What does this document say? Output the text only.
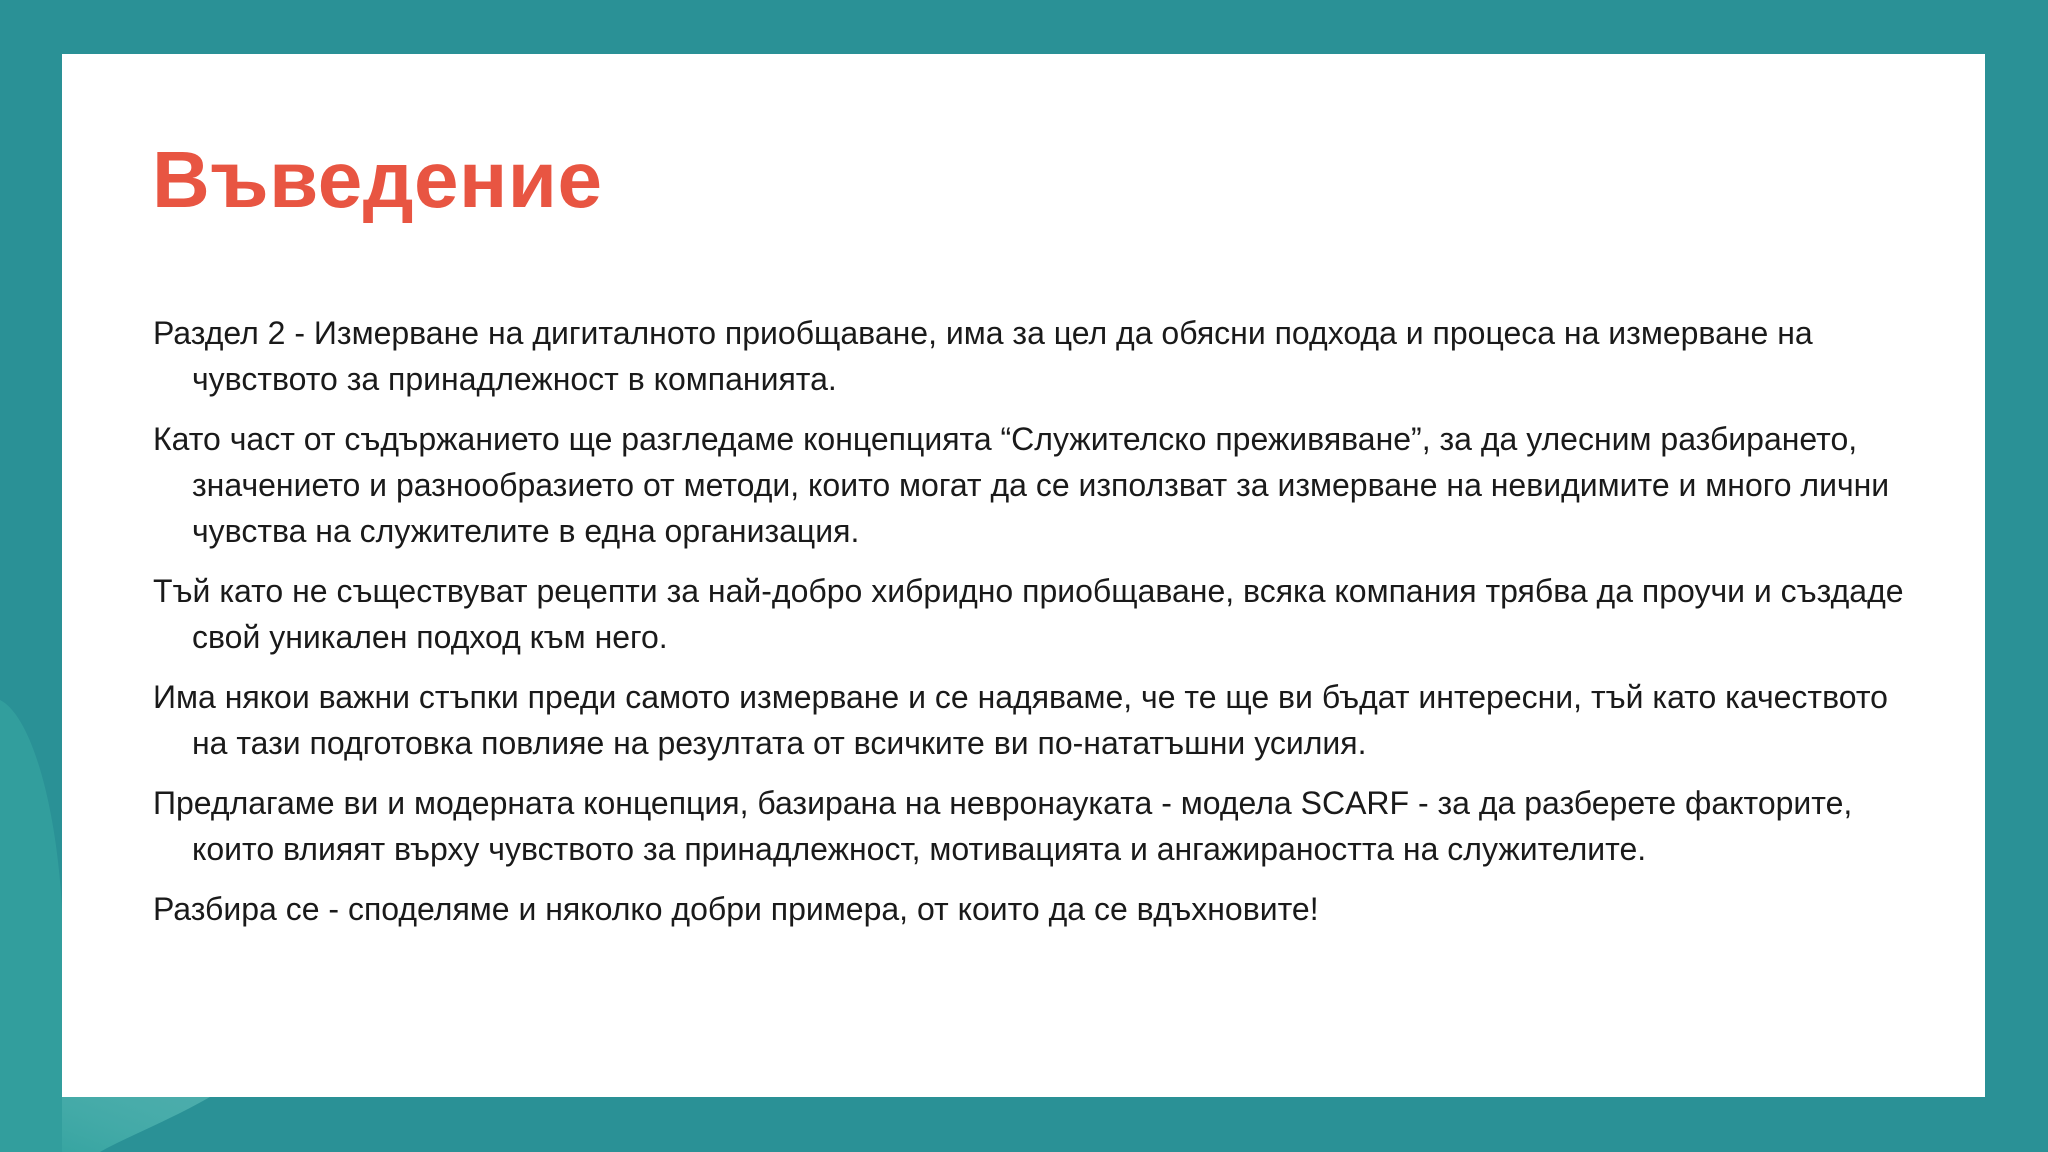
Въведение

Раздел 2 - Измерване на дигиталното приобщаване, има за цел да обясни подхода и процеса на измерване на чувството за принадлежност в компанията.

Като част от съдържанието ще разгледаме концепцията “Служителско преживяване”, за да улесним разбирането, значението и разнообразието от методи, които могат да се използват за измерване на невидимите и много лични чувства на служителите в една организация.

Тъй като не съществуват рецепти за най-добро хибридно приобщаване, всяка компания трябва да проучи и създаде свой уникален подход към него.

Има някои важни стъпки преди самото измерване и се надяваме, че те ще ви бъдат интересни, тъй като качеството на тази подготовка повлияе на резултата от всичките ви по-нататъшни усилия.

Предлагаме ви и модерната концепция, базирана на невронауката - модела SCARF - за да разберете факторите, които влияят върху чувството за принадлежност, мотивацията и ангажираността на служителите.

Разбира се - споделяме и няколко добри примера, от които да се вдъхновите!
